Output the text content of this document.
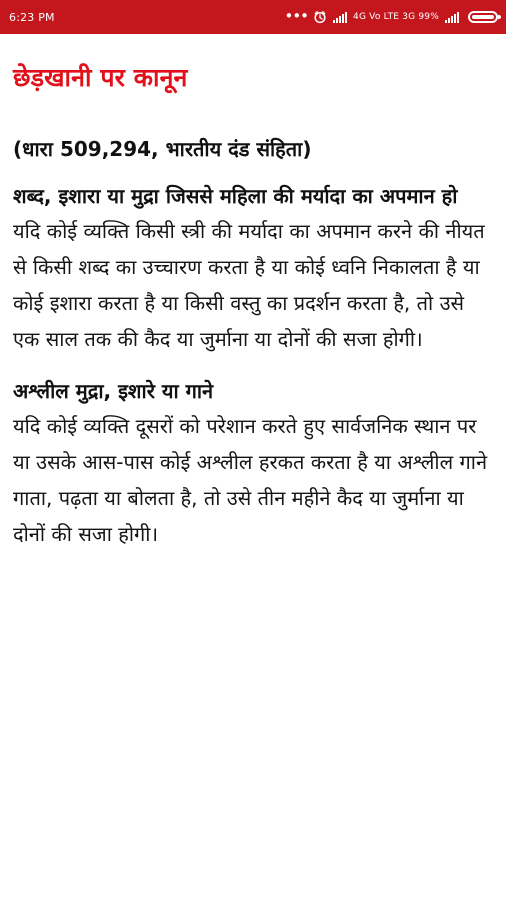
6:23 PM	•••	4G Vo LTE 3G 99%
छेड़खानी पर कानून
(धारा 509,294, भारतीय दंड संहिता)
शब्द, इशारा या मुद्रा जिससे महिला की मर्यादा का अपमान हो

यदि कोई व्यक्ति किसी स्त्री की मर्यादा का अपमान करने की नीयत से किसी शब्द का उच्चारण करता है या कोई ध्वनि निकालता है या कोई इशारा करता है या किसी वस्तु का प्रदर्शन करता है, तो उसे एक साल तक की कैद या जुर्माना या दोनों की सजा होगी।

अश्लील मुद्रा, इशारे या गाने

यदि कोई व्यक्ति दूसरों को परेशान करते हुए सार्वजनिक स्थान पर या उसके आस-पास कोई अश्लील हरकत करता है या अश्लील गाने गाता, पढ़ता या बोलता है, तो उसे तीन महीने कैद या जुर्माना या दोनों की सजा होगी।
